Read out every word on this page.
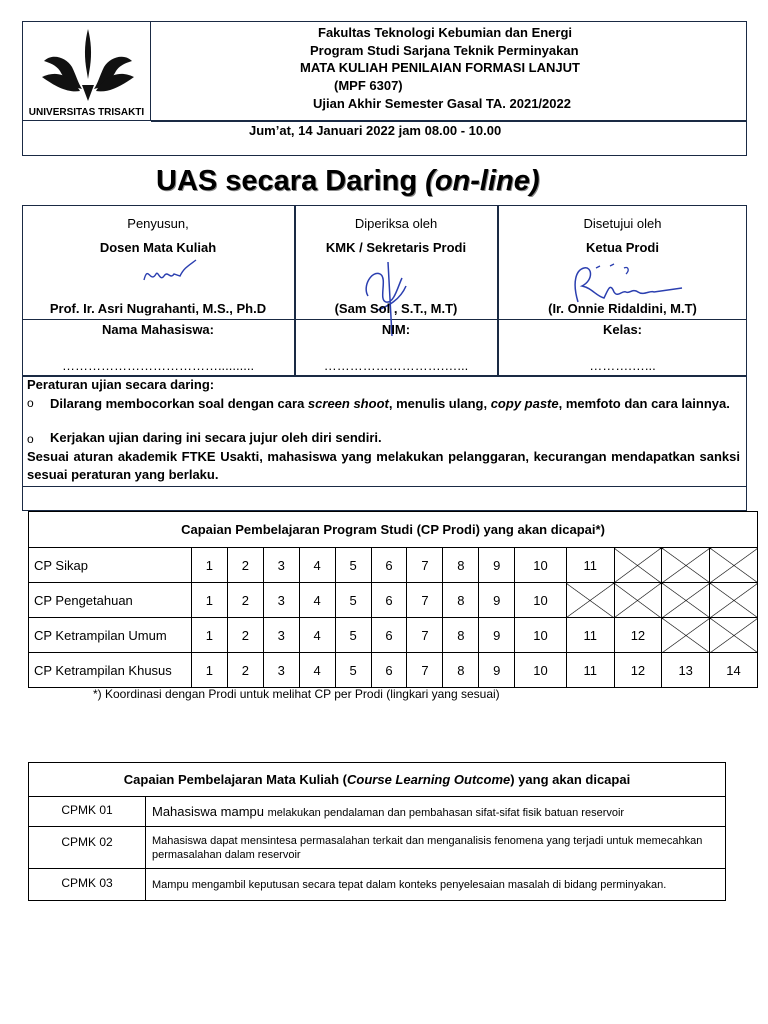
UNIVERSITAS TRISAKTI
Fakultas Teknologi Kebumian dan Energi
Program Studi Sarjana Teknik Perminyakan
MATA KULIAH PENILAIAN FORMASI LANJUT
(MPF 6307)
Ujian Akhir Semester Gasal TA. 2021/2022
Jum’at, 14 Januari 2022 jam 08.00 - 10.00
UAS secara Daring (on-line)
Penyusun,
Dosen Mata Kuliah
Prof. Ir. Asri Nugrahanti, M.S., Ph.D
Diperiksa oleh
KMK / Sekretaris Prodi
(Sam Sol , S.T., M.T)
Disetujui oleh
Ketua Prodi
(Ir. Onnie Ridaldini, M.T)
Nama Mahasiswa:
………………………………..........
NIM:
……………………….…...
Kelas:
……….…...
Peraturan ujian secara daring:
o Dilarang membocorkan soal dengan cara screen shoot, menulis ulang, copy paste, memfoto dan cara lainnya.
o Kerjakan ujian daring ini secara jujur oleh diri sendiri.
Sesuai aturan akademik FTKE Usakti, mahasiswa yang melakukan pelanggaran, kecurangan mendapatkan sanksi sesuai peraturan yang berlaku.
Capaian Pembelajaran Program Studi (CP Prodi) yang akan dicapai*)														
CP Sikap	1	2	3	4	5	6	7	8	9	10	11			
CP Pengetahuan	1	2	3	4	5	6	7	8	9	10				
CP Ketrampilan Umum	1	2	3	4	5	6	7	8	9	10	11	12		
CP Ketrampilan Khusus	1	2	3	4	5	6	7	8	9	10	11	12	13	14
*) Koordinasi dengan Prodi untuk melihat CP per Prodi (lingkari yang sesuai)
Capaian Pembelajaran Mata Kuliah (Course Learning Outcome) yang akan dicapai	
CPMK 01	Mahasiswa mampu melakukan pendalaman dan pembahasan sifat-sifat fisik batuan reservoir
CPMK 02	Mahasiswa dapat mensintesa permasalahan terkait dan menganalisis fenomena yang terjadi untuk memecahkan permasalahan dalam reservoir
CPMK 03	Mampu mengambil keputusan secara tepat dalam konteks penyelesaian masalah di bidang perminyakan.
